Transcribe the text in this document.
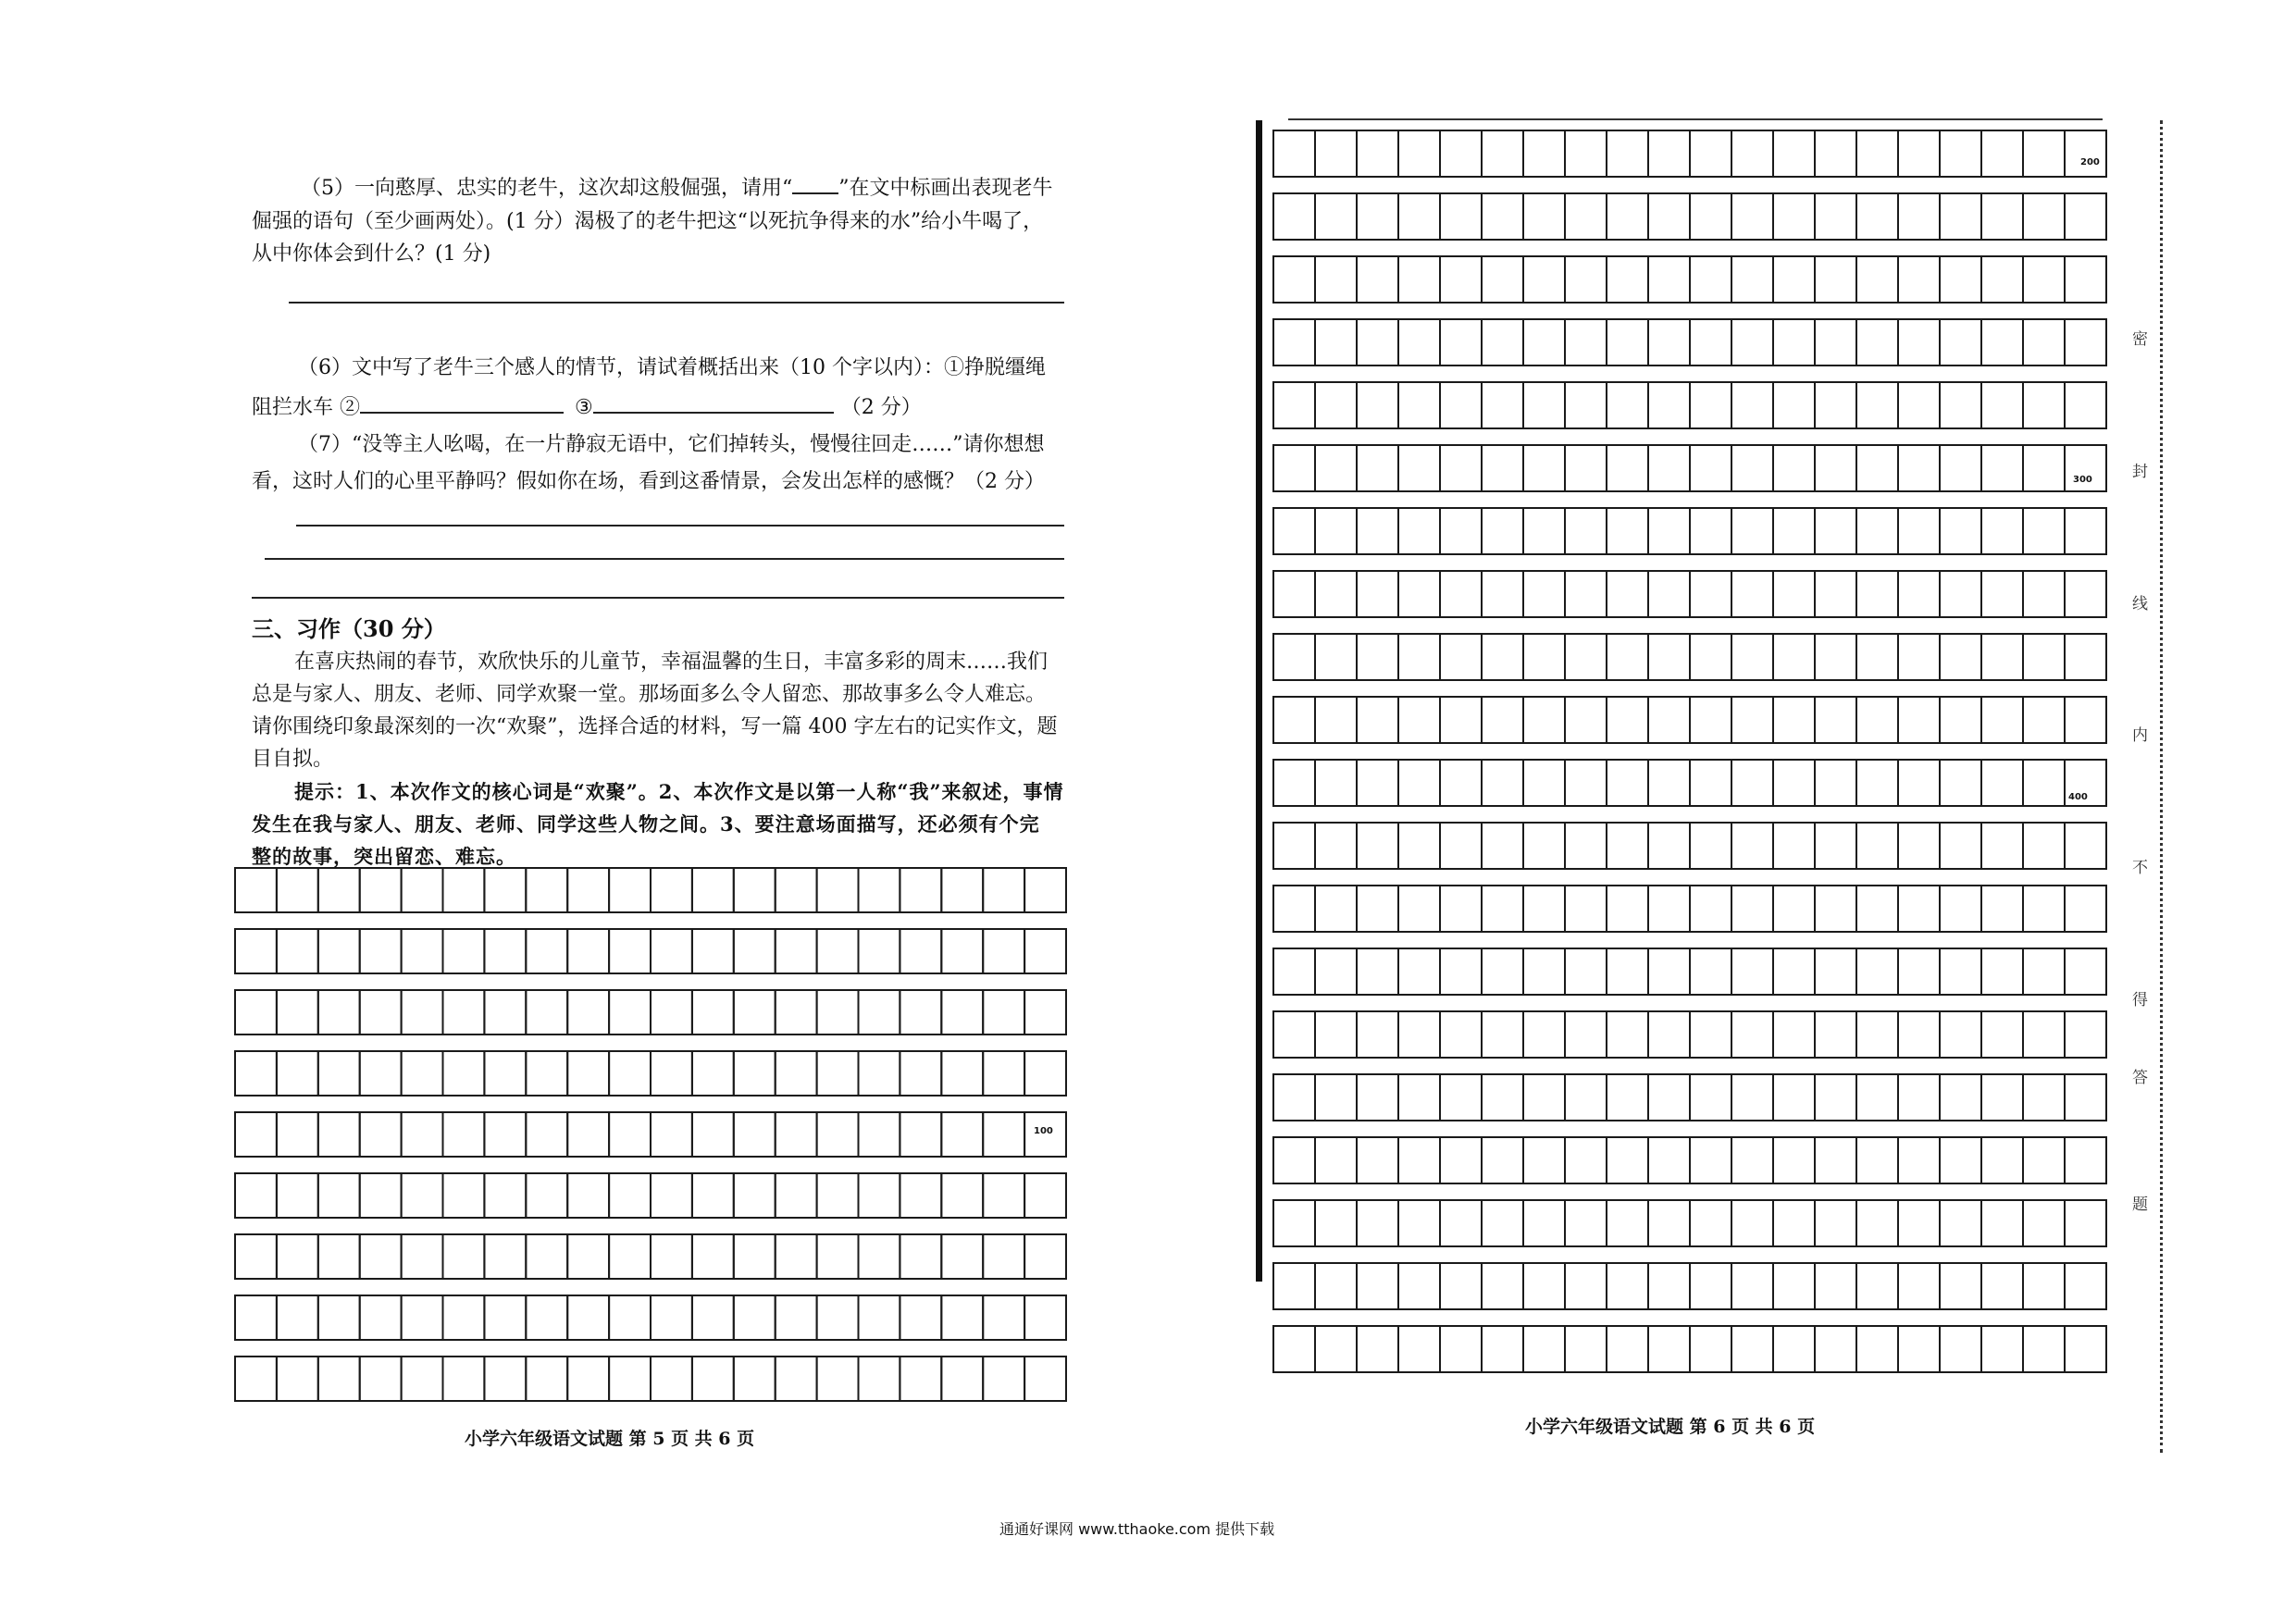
（5）一向憨厚、忠实的老牛，这次却这般倔强，请用“ ”在文中标画出表现老牛
倔强的语句（至少画两处）。(1 分）渴极了的老牛把这“以死抗争得来的水”给小牛喝了，
从中你体会到什么？(1 分)
（6）文中写了老牛三个感人的情节，请试着概括出来（10 个字以内）：①挣脱缰绳
阻拦水车 ②	③	（2 分）
（7）“没等主人吆喝，在一片静寂无语中，它们掉转头，慢慢往回走……”请你想想
看，这时人们的心里平静吗？假如你在场，看到这番情景，会发出怎样的感慨？（2 分）
三、习作（30 分）
在喜庆热闹的春节，欢欣快乐的儿童节，幸福温馨的生日，丰富多彩的周末……我们
总是与家人、朋友、老师、同学欢聚一堂。那场面多么令人留恋、那故事多么令人难忘。
请你围绕印象最深刻的一次“欢聚”，选择合适的材料，写一篇 400 字左右的记实作文，题
目自拟。
提示：1、本次作文的核心词是“欢聚”。2、本次作文是以第一人称“我”来叙述，事情
发生在我与家人、朋友、老师、同学这些人物之间。3、要注意场面描写，还必须有个完
整的故事，突出留恋、难忘。
100
小学六年级语文试题 第 5 页 共 6 页
200
300
400
小学六年级语文试题 第 6 页 共 6 页
密
封
线
内
不
得
答
题
通通好课网 www.tthaoke.com 提供下载
